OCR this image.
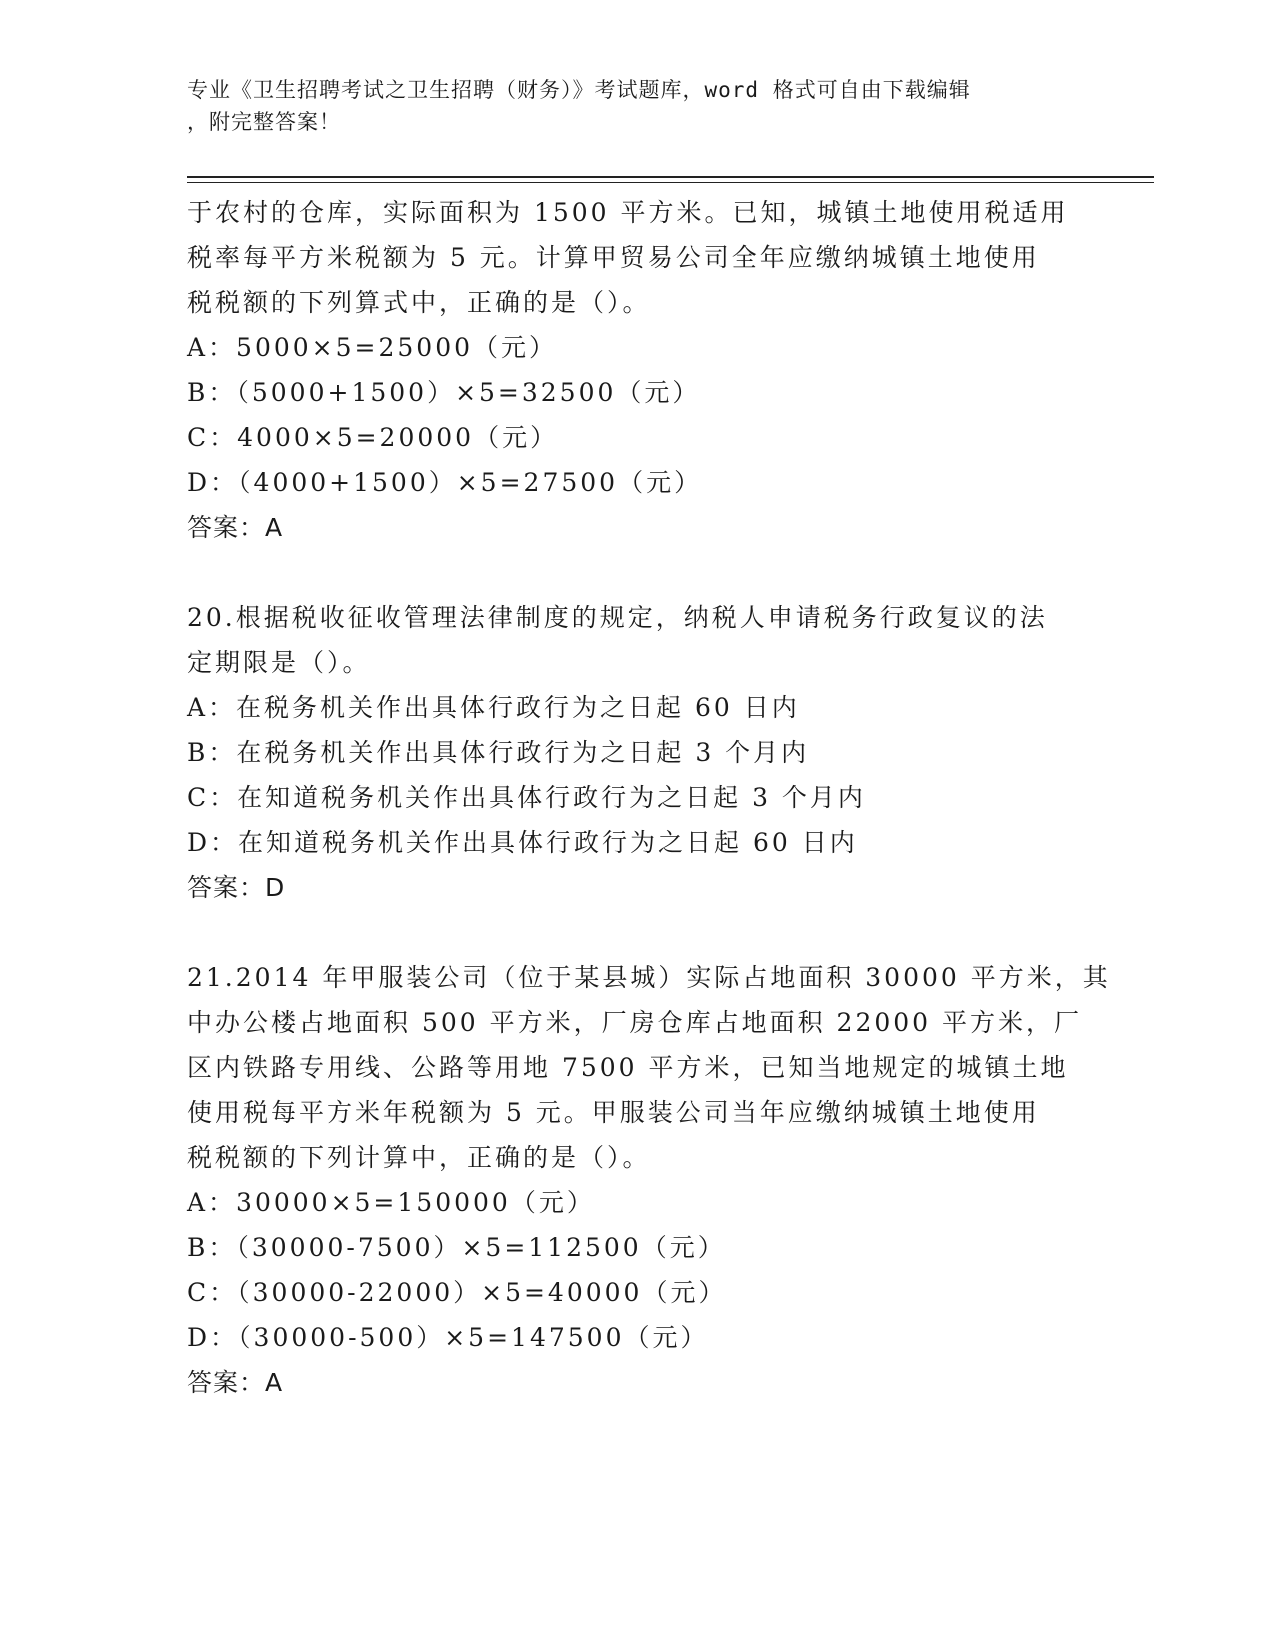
专业《卫生招聘考试之卫生招聘（财务）》考试题库，word 格式可自由下载编辑
，附完整答案！
于农村的仓库，实际面积为 1500 平方米。已知，城镇土地使用税适用
税率每平方米税额为 5 元。计算甲贸易公司全年应缴纳城镇土地使用
税税额的下列算式中，正确的是（）。
A：5000×5=25000（元）
B：（5000+1500）×5=32500（元）
C：4000×5=20000（元）
D：（4000+1500）×5=27500（元）
答案：A
20.根据税收征收管理法律制度的规定，纳税人申请税务行政复议的法
定期限是（）。
A：在税务机关作出具体行政行为之日起 60 日内
B：在税务机关作出具体行政行为之日起 3 个月内
C：在知道税务机关作出具体行政行为之日起 3 个月内
D：在知道税务机关作出具体行政行为之日起 60 日内
答案：D
21.2014 年甲服装公司（位于某县城）实际占地面积 30000 平方米，其
中办公楼占地面积 500 平方米，厂房仓库占地面积 22000 平方米，厂
区内铁路专用线、公路等用地 7500 平方米，已知当地规定的城镇土地
使用税每平方米年税额为 5 元。甲服装公司当年应缴纳城镇土地使用
税税额的下列计算中，正确的是（）。
A：30000×5=150000（元）
B：（30000-7500）×5=112500（元）
C：（30000-22000）×5=40000（元）
D：（30000-500）×5=147500（元）
答案：A
